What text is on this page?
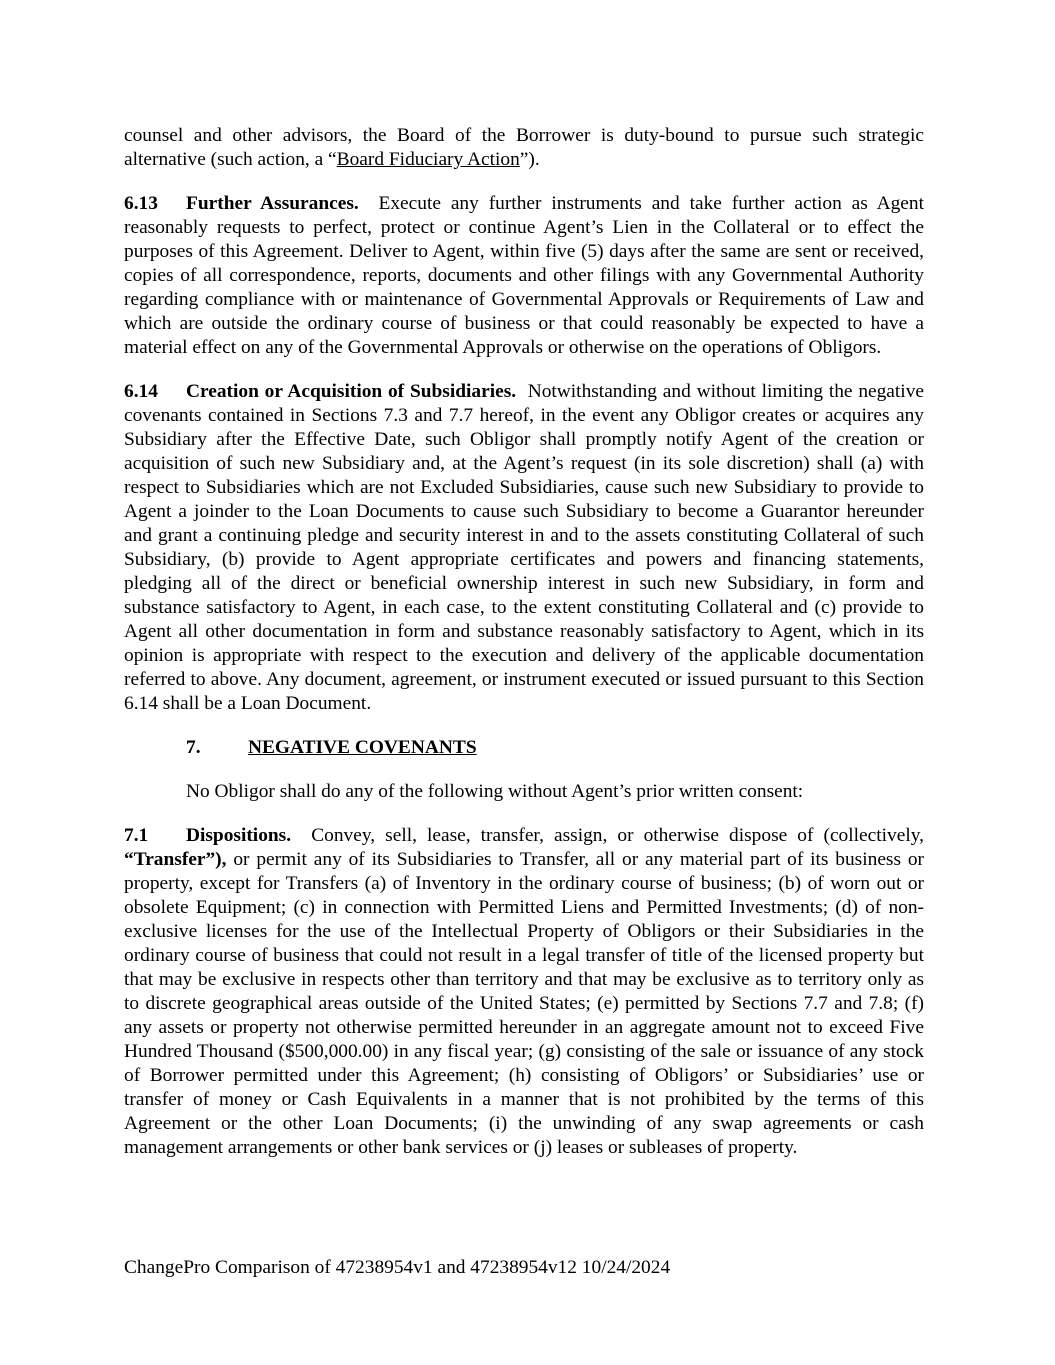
counsel and other advisors, the Board of the Borrower is duty-bound to pursue such strategic alternative (such action, a “Board Fiduciary Action”).

6.13 Further Assurances. Execute any further instruments and take further action as Agent reasonably requests to perfect, protect or continue Agent’s Lien in the Collateral or to effect the purposes of this Agreement. Deliver to Agent, within five (5) days after the same are sent or received, copies of all correspondence, reports, documents and other filings with any Governmental Authority regarding compliance with or maintenance of Governmental Approvals or Requirements of Law and which are outside the ordinary course of business or that could reasonably be expected to have a material effect on any of the Governmental Approvals or otherwise on the operations of Obligors.

6.14 Creation or Acquisition of Subsidiaries. Notwithstanding and without limiting the negative covenants contained in Sections 7.3 and 7.7 hereof, in the event any Obligor creates or acquires any Subsidiary after the Effective Date, such Obligor shall promptly notify Agent of the creation or acquisition of such new Subsidiary and, at the Agent’s request (in its sole discretion) shall (a) with respect to Subsidiaries which are not Excluded Subsidiaries, cause such new Subsidiary to provide to Agent a joinder to the Loan Documents to cause such Subsidiary to become a Guarantor hereunder and grant a continuing pledge and security interest in and to the assets constituting Collateral of such Subsidiary, (b) provide to Agent appropriate certificates and powers and financing statements, pledging all of the direct or beneficial ownership interest in such new Subsidiary, in form and substance satisfactory to Agent, in each case, to the extent constituting Collateral and (c) provide to Agent all other documentation in form and substance reasonably satisfactory to Agent, which in its opinion is appropriate with respect to the execution and delivery of the applicable documentation referred to above. Any document, agreement, or instrument executed or issued pursuant to this Section 6.14 shall be a Loan Document.

7. NEGATIVE COVENANTS

No Obligor shall do any of the following without Agent’s prior written consent:

7.1 Dispositions. Convey, sell, lease, transfer, assign, or otherwise dispose of (collectively, “Transfer”), or permit any of its Subsidiaries to Transfer, all or any material part of its business or property, except for Transfers (a) of Inventory in the ordinary course of business; (b) of worn out or obsolete Equipment; (c) in connection with Permitted Liens and Permitted Investments; (d) of non-exclusive licenses for the use of the Intellectual Property of Obligors or their Subsidiaries in the ordinary course of business that could not result in a legal transfer of title of the licensed property but that may be exclusive in respects other than territory and that may be exclusive as to territory only as to discrete geographical areas outside of the United States; (e) permitted by Sections 7.7 and 7.8; (f) any assets or property not otherwise permitted hereunder in an aggregate amount not to exceed Five Hundred Thousand ($500,000.00) in any fiscal year; (g) consisting of the sale or issuance of any stock of Borrower permitted under this Agreement; (h) consisting of Obligors’ or Subsidiaries’ use or transfer of money or Cash Equivalents in a manner that is not prohibited by the terms of this Agreement or the other Loan Documents; (i) the unwinding of any swap agreements or cash management arrangements or other bank services or (j) leases or subleases of property.

ChangePro Comparison of 47238954v1 and 47238954v12 10/24/2024
